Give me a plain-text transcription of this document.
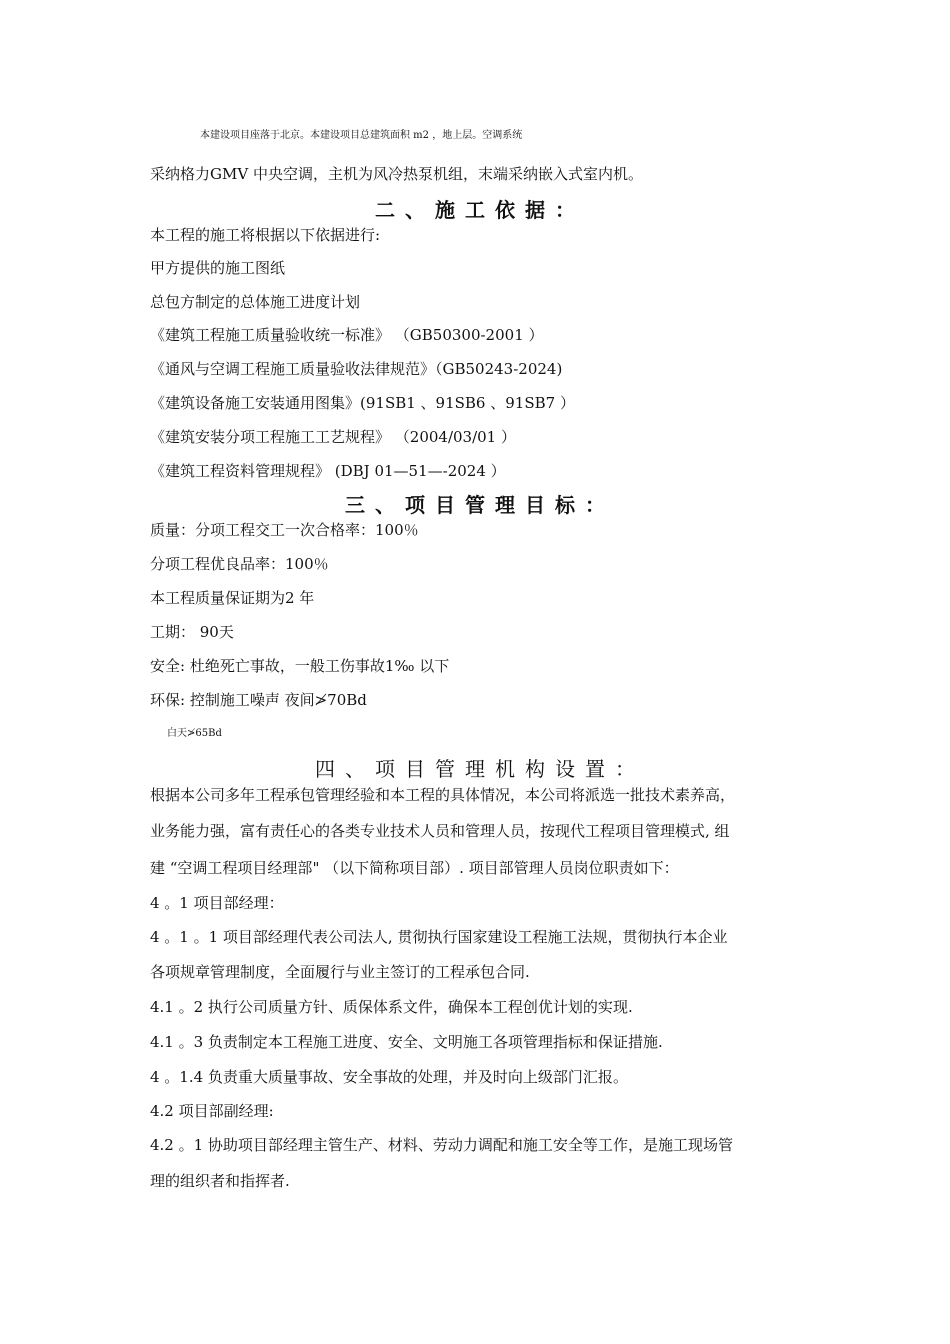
本建设项目座落于北京。本建设项目总建筑面积 m2 ，地上层。空调系统
采纳格力GMV 中央空调，主机为风冷热泵机组，末端采纳嵌入式室内机。
二、施工依据：
本工程的施工将根据以下依据进行:
甲方提供的施工图纸
总包方制定的总体施工进度计划
《建筑工程施工质量验收统一标准》 （GB50300-2001 ）
《通风与空调工程施工质量验收法律规范》（GB50243-2024)
《建筑设备施工安装通用图集》(91SB1 、91SB6 、91SB7 ）
《建筑安装分项工程施工工艺规程》 （2004/03/01 ）
《建筑工程资料管理规程》 (DBJ 01—51—-2024 ）
三、项目管理目标：
质量：分项工程交工一次合格率：100％
分项工程优良品率：100％
本工程质量保证期为2 年
工期： 90天
安全: 杜绝死亡事故，一般工伤事故1‰ 以下
环保: 控制施工噪声 夜间≯70Bd
白天≯65Bd
四、项目管理机构设置：
根据本公司多年工程承包管理经验和本工程的具体情况，本公司将派选一批技术素养高，
业务能力强，富有责任心的各类专业技术人员和管理人员，按现代工程项目管理模式, 组
建 “空调工程项目经理部" （以下简称项目部）. 项目部管理人员岗位职责如下：
4 。1 项目部经理：
4 。1 。1 项目部经理代表公司法人, 贯彻执行国家建设工程施工法规，贯彻执行本企业
各项规章管理制度，全面履行与业主签订的工程承包合同.
4.1 。2 执行公司质量方针、质保体系文件，确保本工程创优计划的实现.
4.1 。3 负责制定本工程施工进度、安全、文明施工各项管理指标和保证措施.
4 。1.4 负责重大质量事故、安全事故的处理，并及时向上级部门汇报。
4.2 项目部副经理:
4.2 。1 协助项目部经理主管生产、材料、劳动力调配和施工安全等工作，是施工现场管
理的组织者和指挥者.
